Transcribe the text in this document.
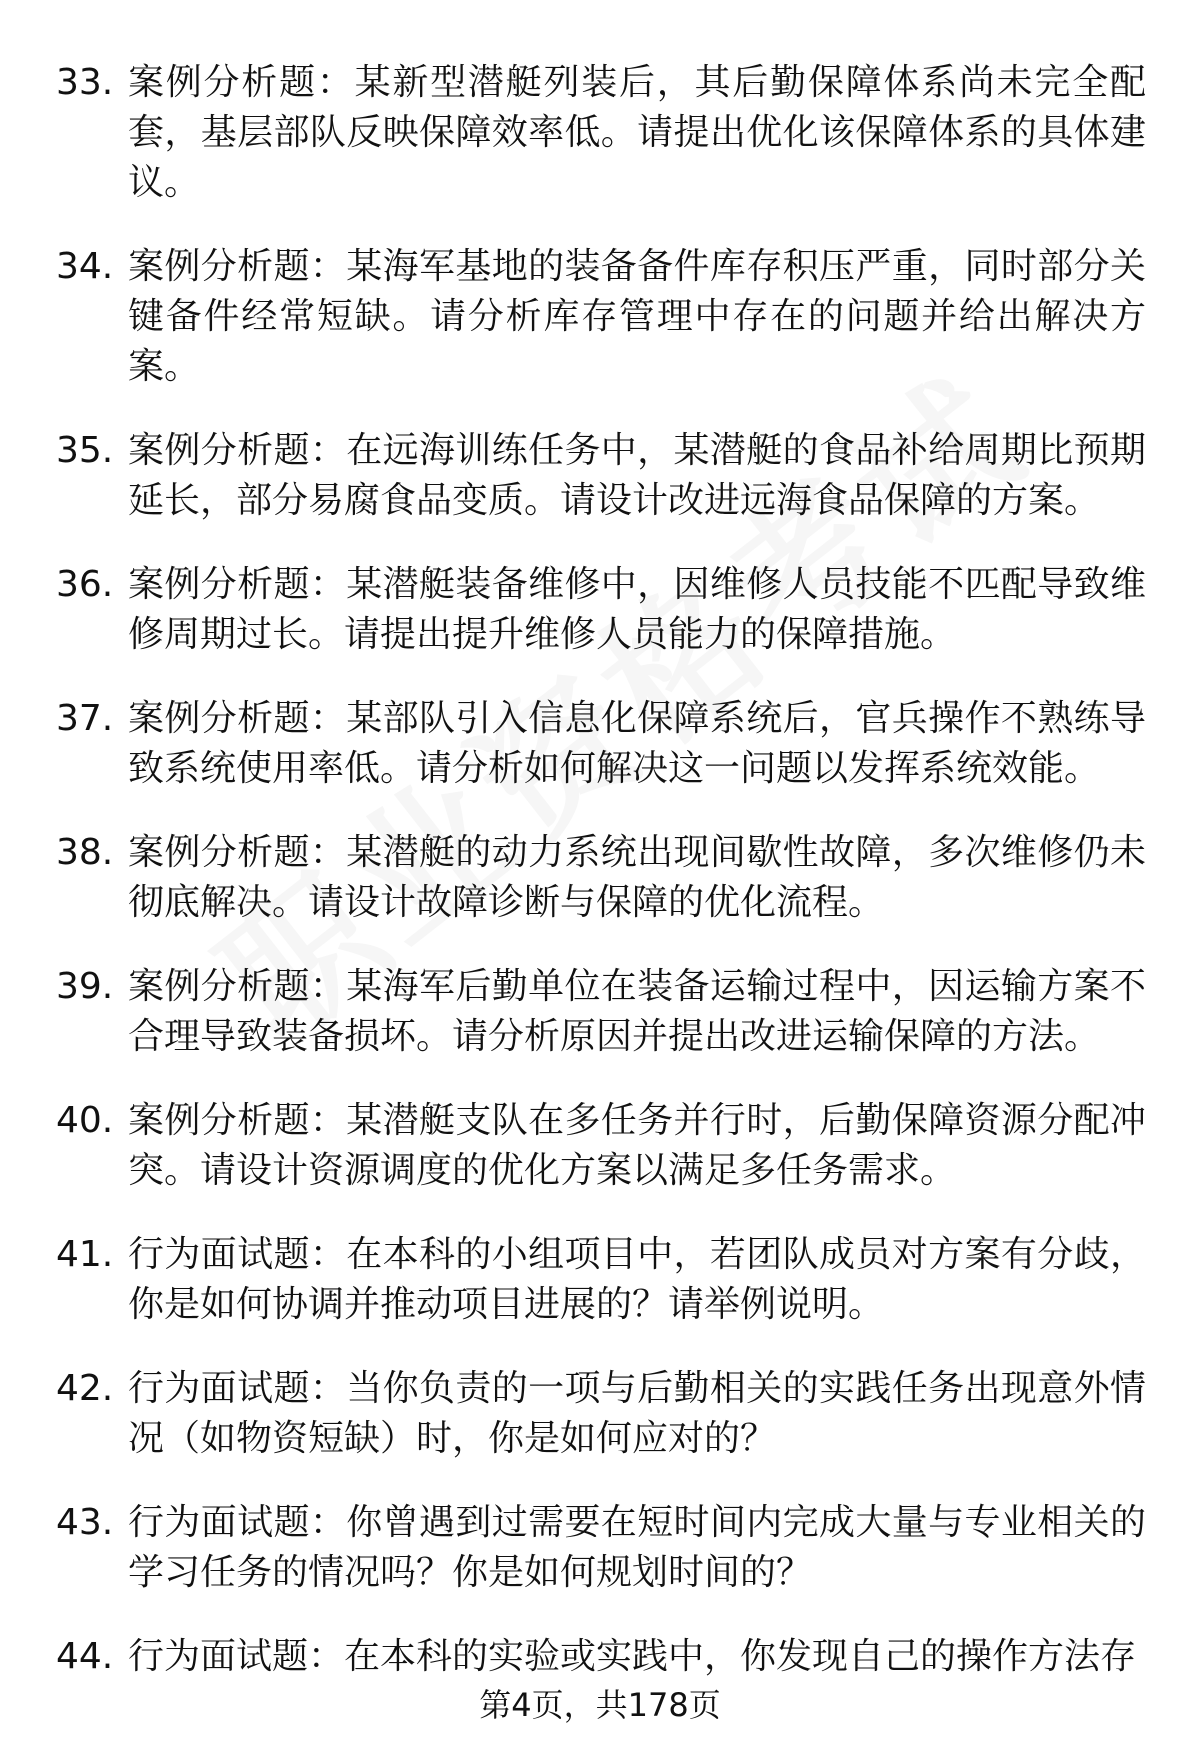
33. 案例分析题：某新型潜艇列装后，其后勤保障体系尚未完全配套，基层部队反映保障效率低。请提出优化该保障体系的具体建议。
34. 案例分析题：某海军基地的装备备件库存积压严重，同时部分关键备件经常短缺。请分析库存管理中存在的问题并给出解决方案。
35. 案例分析题：在远海训练任务中，某潜艇的食品补给周期比预期延长，部分易腐食品变质。请设计改进远海食品保障的方案。
36. 案例分析题：某潜艇装备维修中，因维修人员技能不匹配导致维修周期过长。请提出提升维修人员能力的保障措施。
37. 案例分析题：某部队引入信息化保障系统后，官兵操作不熟练导致系统使用率低。请分析如何解决这一问题以发挥系统效能。
38. 案例分析题：某潜艇的动力系统出现间歇性故障，多次维修仍未彻底解决。请设计故障诊断与保障的优化流程。
39. 案例分析题：某海军后勤单位在装备运输过程中，因运输方案不合理导致装备损坏。请分析原因并提出改进运输保障的方法。
40. 案例分析题：某潜艇支队在多任务并行时，后勤保障资源分配冲突。请设计资源调度的优化方案以满足多任务需求。
41. 行为面试题：在本科的小组项目中，若团队成员对方案有分歧，你是如何协调并推动项目进展的？请举例说明。
42. 行为面试题：当你负责的一项与后勤相关的实践任务出现意外情况（如物资短缺）时，你是如何应对的？
43. 行为面试题：你曾遇到过需要在短时间内完成大量与专业相关的学习任务的情况吗？你是如何规划时间的？
44. 行为面试题：在本科的实验或实践中，你发现自己的操作方法存
第4页，共178页
